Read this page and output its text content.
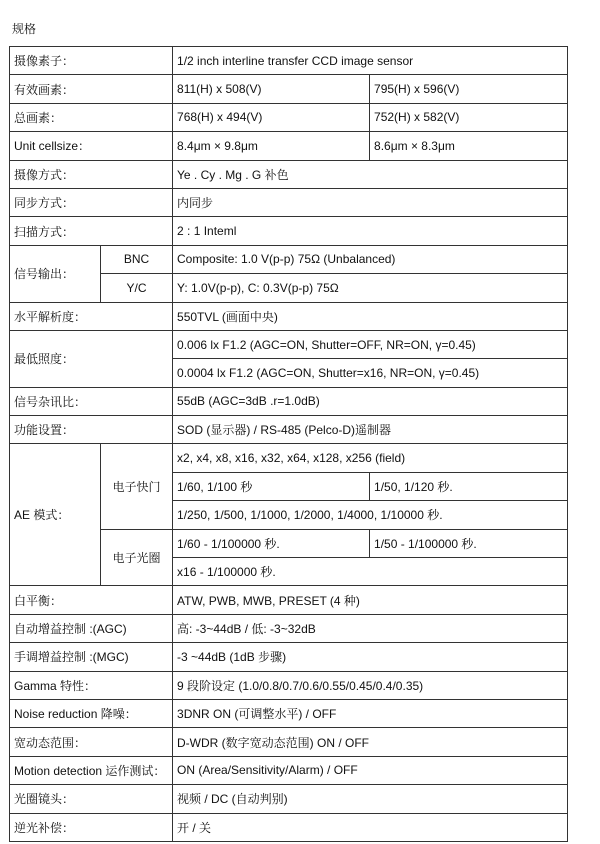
规格
摄像素子：		1/2 inch interline transfer CCD image sensor	
有效画素：		811(H) x 508(V)	795(H) x 596(V)
总画素：		768(H) x 494(V)	752(H) x 582(V)
Unit cellsize：		8.4μm × 9.8μm	8.6μm × 8.3μm
摄像方式：		Ye . Cy . Mg . G 补色	
同步方式：		内同步	
扫描方式：		2 : 1 Inteml	
信号输出：	BNC	Composite: 1.0 V(p-p) 75Ω (Unbalanced)	
	Y/C	Y: 1.0V(p-p), C: 0.3V(p-p) 75Ω	
水平解析度：		550TVL (画面中央)	
最低照度：		0.006 lx F1.2 (AGC=ON, Shutter=OFF, NR=ON, γ=0.45)	
		0.0004 lx F1.2 (AGC=ON, Shutter=x16, NR=ON, γ=0.45)	
信号杂讯比：		55dB (AGC=3dB .r=1.0dB)	
功能设置：		SOD (显示器) / RS-485 (Pelco-D)遥制器	
AE 模式：	电子快门	x2, x4, x8, x16, x32, x64, x128, x256 (field)	
		1/60, 1/100 秒	1/50, 1/120 秒.
		1/250, 1/500, 1/1000, 1/2000, 1/4000, 1/10000 秒.	
	电子光圈	1/60 - 1/100000 秒.	1/50 - 1/100000 秒.
		x16 - 1/100000 秒.	
白平衡：		ATW, PWB, MWB, PRESET (4 种)	
自动增益控制 :(AGC)		高: -3~44dB / 低: -3~32dB	
手调增益控制 :(MGC)		-3 ~44dB (1dB 步骤)	
Gamma 特性：		9 段阶设定 (1.0/0.8/0.7/0.6/0.55/0.45/0.4/0.35)	
Noise reduction 降噪：		3DNR ON (可调整水平) / OFF	
宽动态范围：		D-WDR (数字宽动态范围) ON / OFF	
Motion detection 运作测试：		ON (Area/Sensitivity/Alarm) / OFF	
光圈镜头：		视频 / DC (自动判别)	
逆光补偿：		开 / 关	
